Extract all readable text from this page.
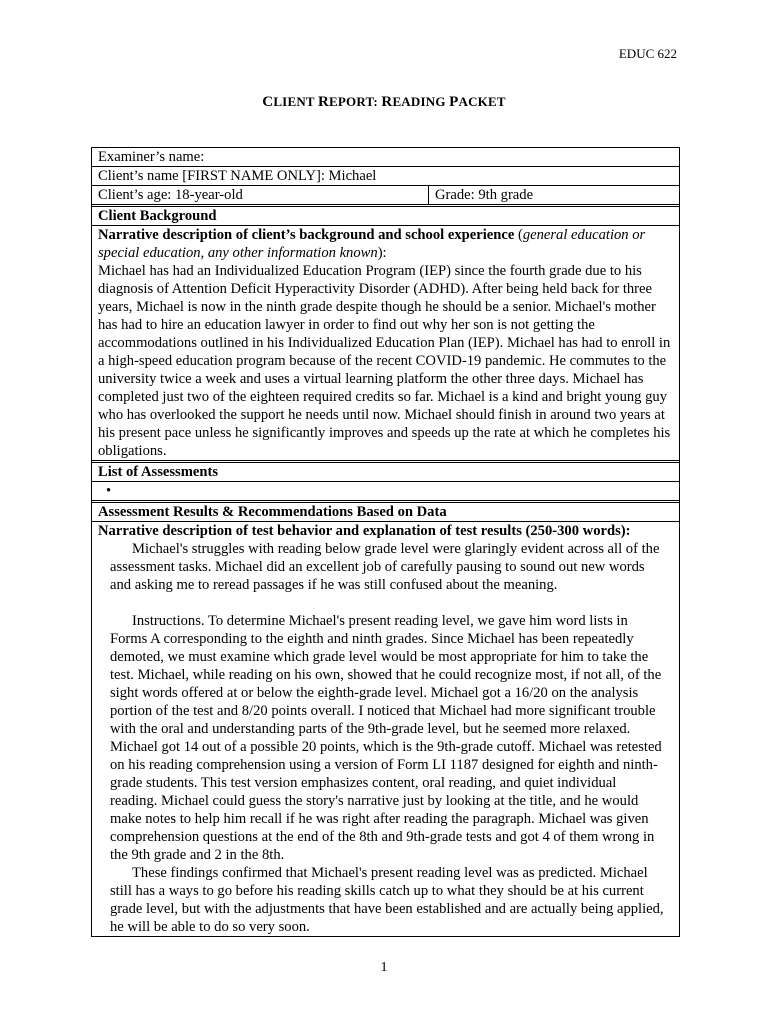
EDUC 622
CLIENT REPORT: READING PACKET
Examiner’s name:
Client’s name [FIRST NAME ONLY]: Michael
Client’s age: 18-year-old	Grade: 9th grade
Client Background

Narrative description of client’s background and school experience (general education or special education, any other information known):

Michael has had an Individualized Education Program (IEP) since the fourth grade due to his diagnosis of Attention Deficit Hyperactivity Disorder (ADHD). After being held back for three years, Michael is now in the ninth grade despite though he should be a senior. Michael's mother has had to hire an education lawyer in order to find out why her son is not getting the accommodations outlined in his Individualized Education Plan (IEP). Michael has had to enroll in a high-speed education program because of the recent COVID-19 pandemic. He commutes to the university twice a week and uses a virtual learning platform the other three days. Michael has completed just two of the eighteen required credits so far. Michael is a kind and bright young guy who has overlooked the support he needs until now. Michael should finish in around two years at his present pace unless he significantly improves and speeds up the rate at which he completes his obligations.

List of Assessments
•
Assessment Results & Recommendations Based on Data
Narrative description of test behavior and explanation of test results (250-300 words):

Michael's struggles with reading below grade level were glaringly evident across all of the assessment tasks. Michael did an excellent job of carefully pausing to sound out new words and asking me to reread passages if he was still confused about the meaning.

Instructions. To determine Michael's present reading level, we gave him word lists in Forms A corresponding to the eighth and ninth grades. Since Michael has been repeatedly demoted, we must examine which grade level would be most appropriate for him to take the test. Michael, while reading on his own, showed that he could recognize most, if not all, of the sight words offered at or below the eighth-grade level. Michael got a 16/20 on the analysis portion of the test and 8/20 points overall. I noticed that Michael had more significant trouble with the oral and understanding parts of the 9th-grade level, but he seemed more relaxed. Michael got 14 out of a possible 20 points, which is the 9th-grade cutoff. Michael was retested on his reading comprehension using a version of Form LI 1187 designed for eighth and ninth-grade students. This test version emphasizes content, oral reading, and quiet individual reading. Michael could guess the story's narrative just by looking at the title, and he would make notes to help him recall if he was right after reading the paragraph. Michael was given comprehension questions at the end of the 8th and 9th-grade tests and got 4 of them wrong in the 9th grade and 2 in the 8th.

These findings confirmed that Michael's present reading level was as predicted. Michael still has a ways to go before his reading skills catch up to what they should be at his current grade level, but with the adjustments that have been established and are actually being applied, he will be able to do so very soon.

1
